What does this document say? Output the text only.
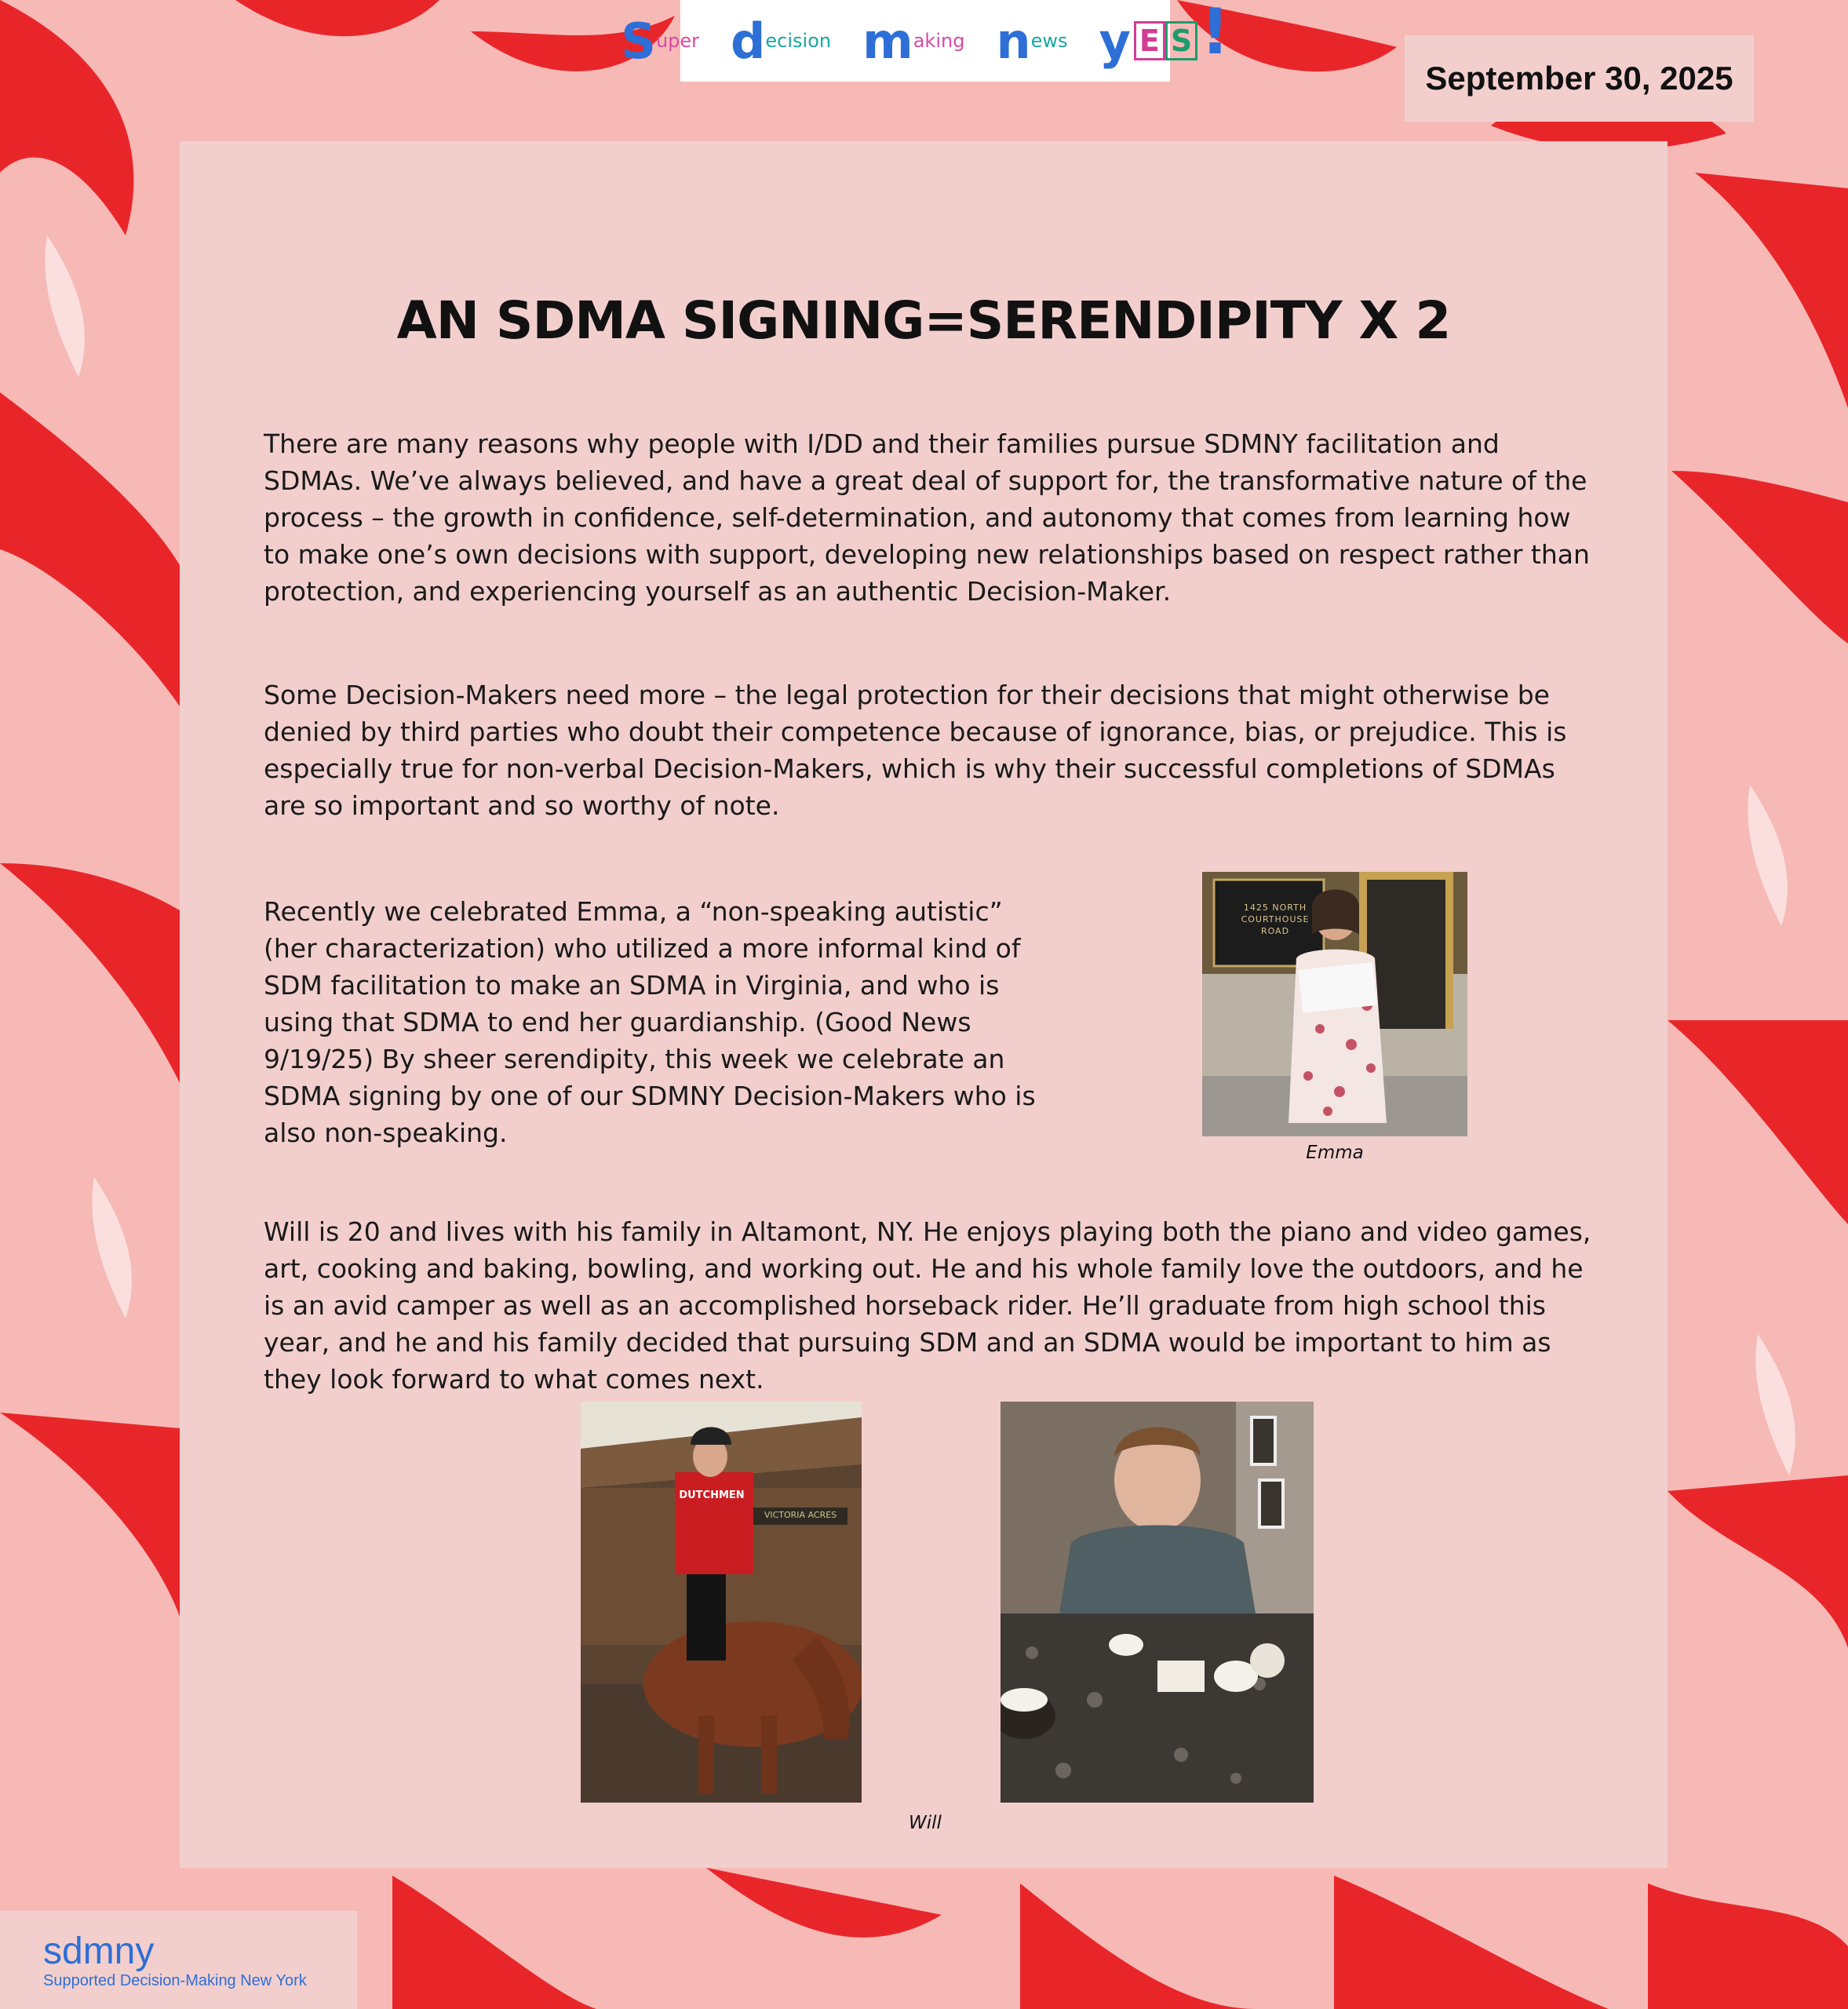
S uper d ecision m aking n ews y E S !
September 30, 2025
AN SDMA SIGNING=SERENDIPITY X 2

There are many reasons why people with I/DD and their families pursue SDMNY facilitation and SDMAs. We’ve always believed, and have a great deal of support for, the transformative nature of the process – the growth in confidence, self-determination, and autonomy that comes from learning how to make one’s own decisions with support, developing new relationships based on respect rather than protection, and experiencing yourself as an authentic Decision-Maker.

Some Decision-Makers need more – the legal protection for their decisions that might otherwise be denied by third parties who doubt their competence because of ignorance, bias, or prejudice. This is especially true for non-verbal Decision-Makers, which is why their successful completions of SDMAs are so important and so worthy of note.

Recently we celebrated Emma, a “non-speaking autistic” (her characterization) who utilized a more informal kind of SDM facilitation to make an SDMA in Virginia, and who is using that SDMA to end her guardianship. (Good News 9/19/25) By sheer serendipity, this week we celebrate an SDMA signing by one of our SDMNY Decision-Makers who is also non-speaking.

1425 NORTH COURTHOUSE ROAD
Emma

Will is 20 and lives with his family in Altamont, NY. He enjoys playing both the piano and video games, art, cooking and baking, bowling, and working out. He and his whole family love the outdoors, and he is an avid camper as well as an accomplished horseback rider. He’ll graduate from high school this year, and he and his family decided that pursuing SDM and an SDMA would be important to him as they look forward to what comes next.

DUTCHMEN
VICTORIA ACRES
Will
sdmny
Supported Decision-Making New York
